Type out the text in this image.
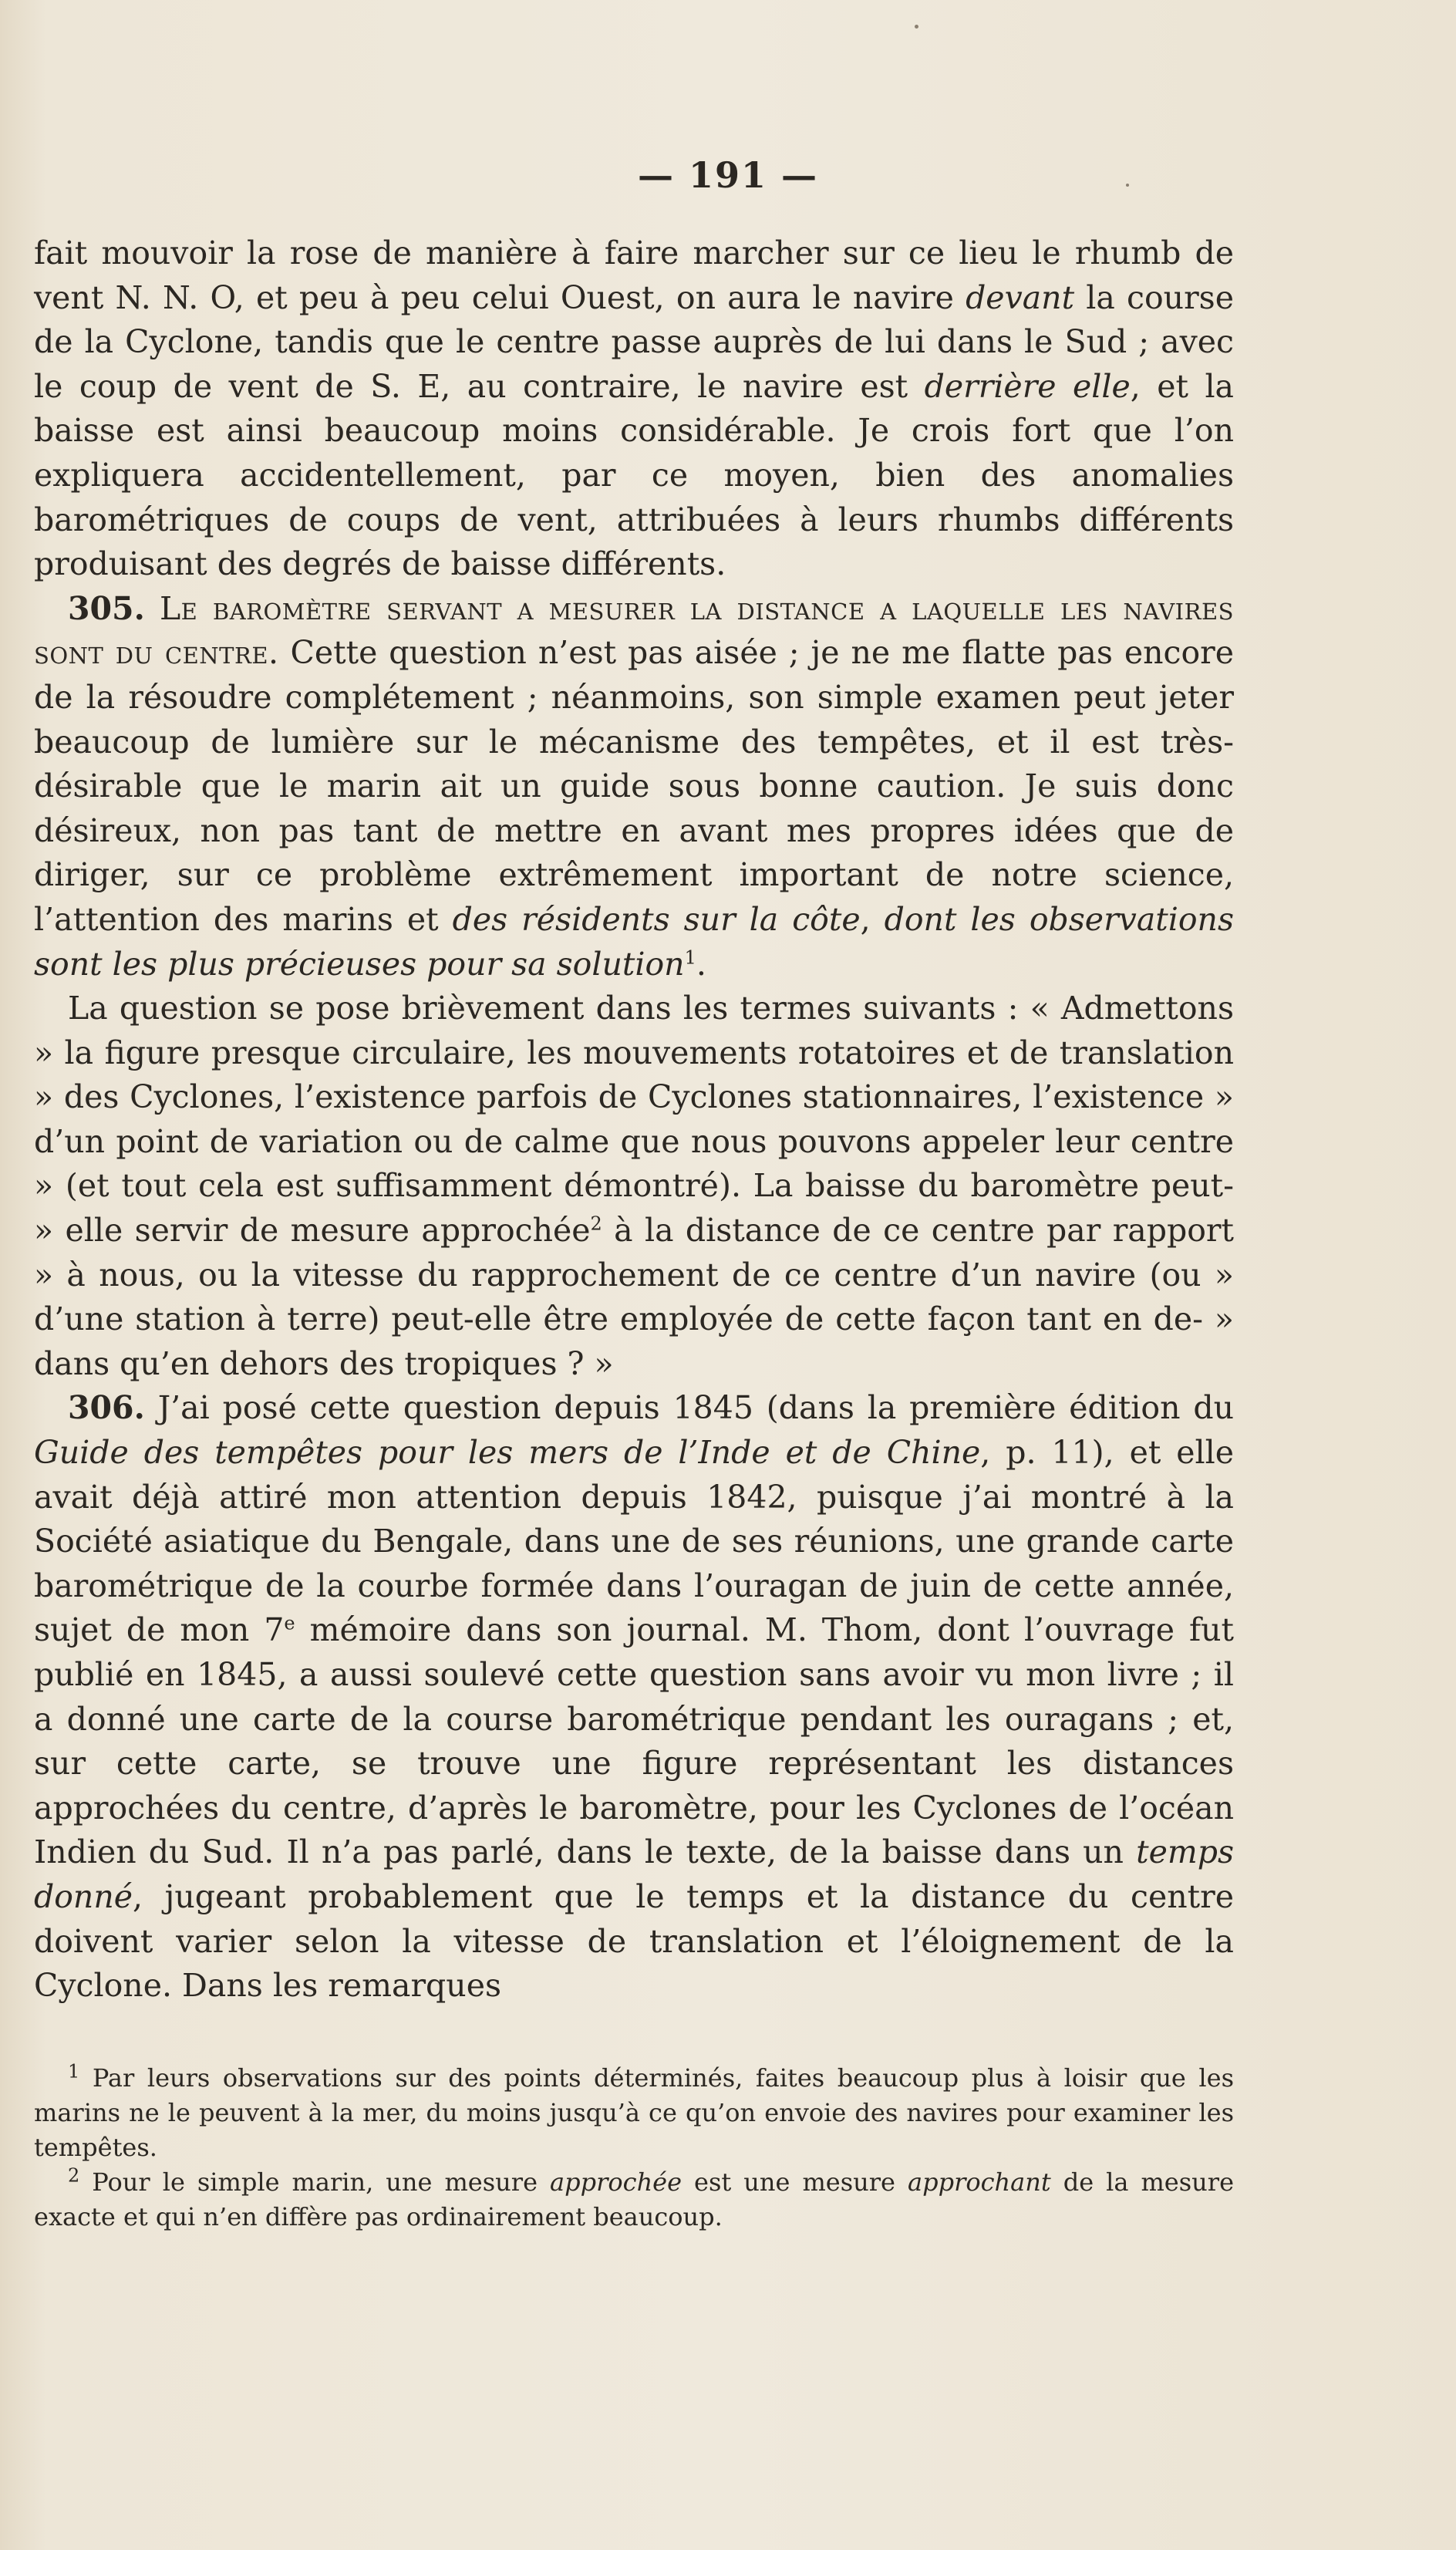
— 191 —

fait mouvoir la rose de manière à faire marcher sur ce lieu le rhumb de vent N. N. O, et peu à peu celui Ouest, on aura le navire devant la course de la Cyclone, tandis que le centre passe auprès de lui dans le Sud ; avec le coup de vent de S. E, au contraire, le navire est derrière elle, et la baisse est ainsi beaucoup moins considérable. Je crois fort que l’on expliquera accidentellement, par ce moyen, bien des anomalies barométriques de coups de vent, attribuées à leurs rhumbs différents produisant des degrés de baisse différents.

305. Le baromètre servant a mesurer la distance a laquelle les navires sont du centre. Cette question n’est pas aisée ; je ne me flatte pas encore de la résoudre complétement ; néanmoins, son simple examen peut jeter beaucoup de lumière sur le mécanisme des tempêtes, et il est très-désirable que le marin ait un guide sous bonne caution. Je suis donc désireux, non pas tant de mettre en avant mes propres idées que de diriger, sur ce problème extrêmement important de notre science, l’attention des marins et des résidents sur la côte, dont les observations sont les plus précieuses pour sa solution$^1$.

La question se pose brièvement dans les termes suivants : « Admettons » la figure presque circulaire, les mouvements rotatoires et de translation » des Cyclones, l’existence parfois de Cyclones stationnaires, l’existence » d’un point de variation ou de calme que nous pouvons appeler leur centre » (et tout cela est suffisamment démontré). La baisse du baromètre peut- » elle servir de mesure approchée$^2$ à la distance de ce centre par rapport » à nous, ou la vitesse du rapprochement de ce centre d’un navire (ou » d’une station à terre) peut-elle être employée de cette façon tant en de- » dans qu’en dehors des tropiques ? »

306. J’ai posé cette question depuis 1845 (dans la première édition du Guide des tempêtes pour les mers de l’Inde et de Chine, p. 11), et elle avait déjà attiré mon attention depuis 1842, puisque j’ai montré à la Société asiatique du Bengale, dans une de ses réunions, une grande carte barométrique de la courbe formée dans l’ouragan de juin de cette année, sujet de mon 7e mémoire dans son journal. M. Thom, dont l’ouvrage fut publié en 1845, a aussi soulevé cette question sans avoir vu mon livre ; il a donné une carte de la course barométrique pendant les ouragans ; et, sur cette carte, se trouve une figure représentant les distances approchées du centre, d’après le baromètre, pour les Cyclones de l’océan Indien du Sud. Il n’a pas parlé, dans le texte, de la baisse dans un temps donné, jugeant probablement que le temps et la distance du centre doivent varier selon la vitesse de translation et l’éloignement de la Cyclone. Dans les remarques

$^1$ Par leurs observations sur des points déterminés, faites beaucoup plus à loisir que les marins ne le peuvent à la mer, du moins jusqu’à ce qu’on envoie des navires pour examiner les tempêtes.

$^2$ Pour le simple marin, une mesure approchée est une mesure approchant de la mesure exacte et qui n’en diffère pas ordinairement beaucoup.
